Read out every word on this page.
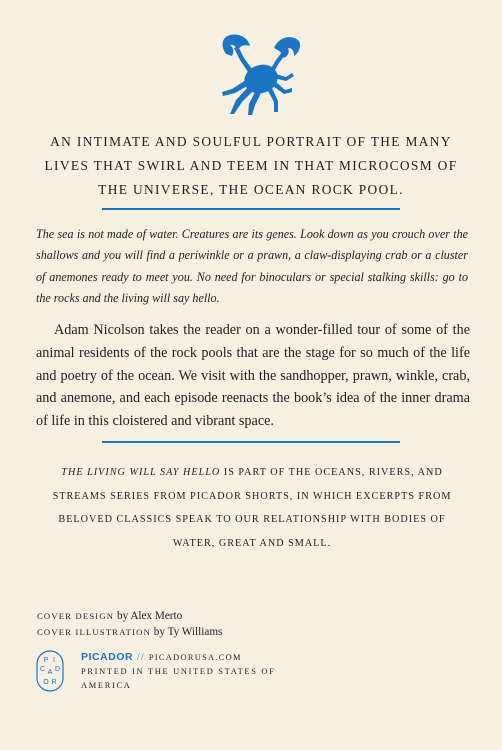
AN INTIMATE AND SOULFUL PORTRAIT OF THE MANY LIVES THAT SWIRL AND TEEM IN THAT MICROCOSM OF THE UNIVERSE, THE OCEAN ROCK POOL.

The sea is not made of water. Creatures are its genes. Look down as you crouch over the shallows and you will find a periwinkle or a prawn, a claw-displaying crab or a cluster of anemones ready to meet you. No need for binoculars or special stalking skills: go to the rocks and the living will say hello.

Adam Nicolson takes the reader on a wonder-filled tour of some of the animal residents of the rock pools that are the stage for so much of the life and poetry of the ocean. We visit with the sandhopper, prawn, winkle, crab, and anemone, and each episode reenacts the book’s idea of the inner drama of life in this cloistered and vibrant space.

THE LIVING WILL SAY HELLO IS PART OF THE OCEANS, RIVERS, AND STREAMS SERIES FROM PICADOR SHORTS, IN WHICH EXCERPTS FROM BELOVED CLASSICS SPEAK TO OUR RELATIONSHIP WITH BODIES OF WATER, GREAT AND SMALL.

COVER DESIGN by Alex Merto
COVER ILLUSTRATION by Ty Williams
P I
C A D
O R
PICADOR // PICADORUSA.COM
PRINTED IN THE UNITED STATES OF AMERICA
